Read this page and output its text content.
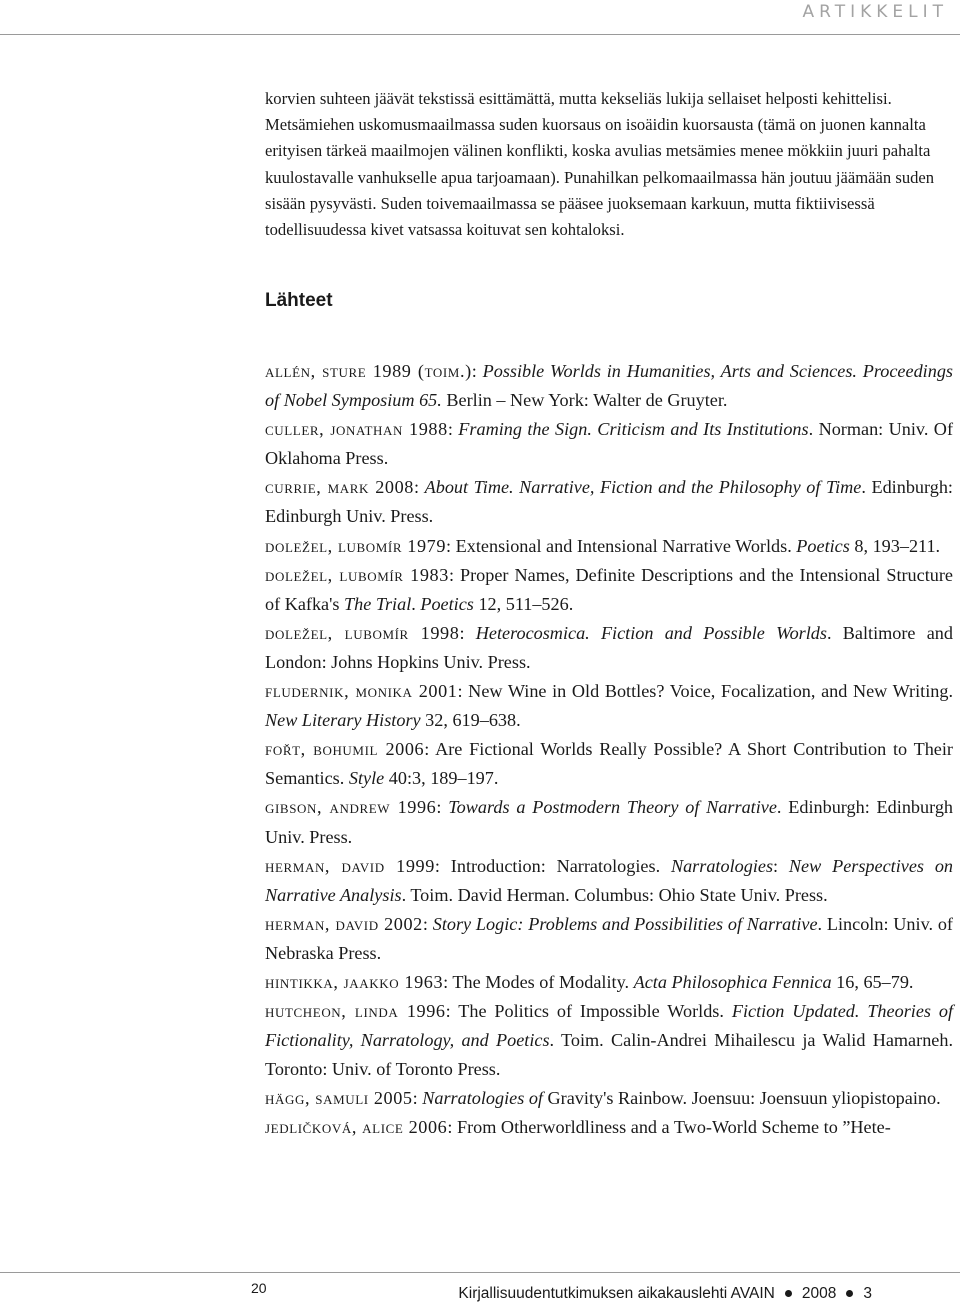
ARTIKKELIT

korvien suhteen jäävät tekstissä esittämättä, mutta kekseliäs lukija sellaiset helposti kehittelisi. Metsämiehen uskomusmaailmassa suden kuorsaus on isoäidin kuorsausta (tämä on juonen kannalta erityisen tärkeä maailmojen välinen konflikti, koska avulias metsämies menee mökkiin juuri pahalta kuulostavalle vanhukselle apua tarjoamaan). Punahilkan pelkomaailmassa hän joutuu jäämään suden sisään pysyvästi. Suden toivemaailmassa se pääsee juoksemaan karkuun, mutta fiktiivisessä todellisuudessa kivet vatsassa koituvat sen kohtaloksi.

Lähteet
allén, sture 1989 (toim.): Possible Worlds in Humanities, Arts and Sciences. Proceedings of Nobel Symposium 65. Berlin – New York: Walter de Gruyter.
culler, jonathan 1988: Framing the Sign. Criticism and Its Institutions. Norman: Univ. Of Oklahoma Press.
currie, mark 2008: About Time. Narrative, Fiction and the Philosophy of Time. Edinburgh: Edinburgh Univ. Press.
doležel, lubomír 1979: Extensional and Intensional Narrative Worlds. Poetics 8, 193–211.
doležel, lubomír 1983: Proper Names, Definite Descriptions and the Intensional Structure of Kafka's The Trial. Poetics 12, 511–526.
doležel, lubomír 1998: Heterocosmica. Fiction and Possible Worlds. Baltimore and London: Johns Hopkins Univ. Press.
fludernik, monika 2001: New Wine in Old Bottles? Voice, Focalization, and New Writing. New Literary History 32, 619–638.
fořt, bohumil 2006: Are Fictional Worlds Really Possible? A Short Contribution to Their Semantics. Style 40:3, 189–197.
gibson, andrew 1996: Towards a Postmodern Theory of Narrative. Edinburgh: Edinburgh Univ. Press.
herman, david 1999: Introduction: Narratologies. Narratologies: New Perspectives on Narrative Analysis. Toim. David Herman. Columbus: Ohio State Univ. Press.
herman, david 2002: Story Logic: Problems and Possibilities of Narrative. Lincoln: Univ. of Nebraska Press.
hintikka, jaakko 1963: The Modes of Modality. Acta Philosophica Fennica 16, 65–79.
hutcheon, linda 1996: The Politics of Impossible Worlds. Fiction Updated. Theories of Fictionality, Narratology, and Poetics. Toim. Calin-Andrei Mihailescu ja Walid Hamarneh. Toronto: Univ. of Toronto Press.
hägg, samuli 2005: Narratologies of Gravity's Rainbow. Joensuu: Joensuun yliopistopaino.
jedličková, alice 2006: From Otherworldliness and a Two-World Scheme to ”Hete-
20	Kirjallisuudentutkimuksen aikakauslehti AVAIN 2008 3
